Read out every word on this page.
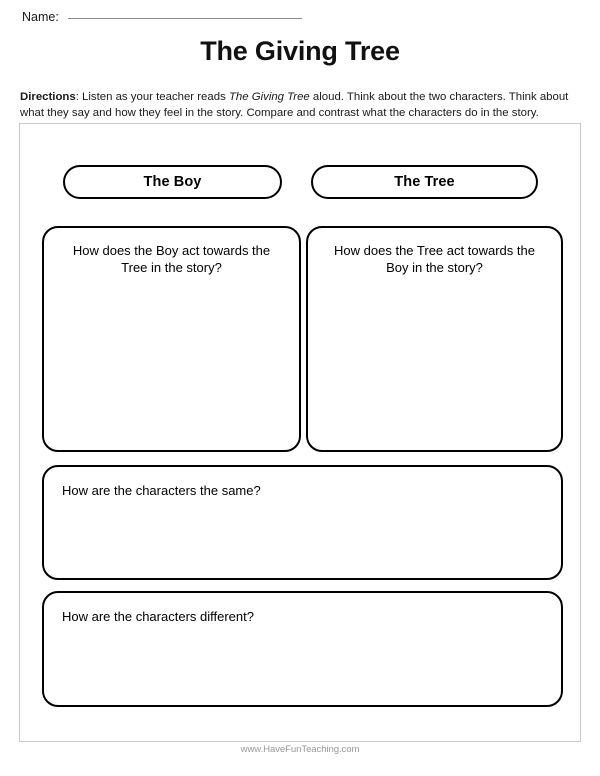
Name:
The Giving Tree

Directions: Listen as your teacher reads The Giving Tree aloud. Think about the two characters. Think about what they say and how they feel in the story. Compare and contrast what the characters do in the story.

The Boy	The Tree
How does the Boy act towards the Tree in the story?
How does the Tree act towards the Boy in the story?
How are the characters the same?
How are the characters different?
www.HaveFunTeaching.com
